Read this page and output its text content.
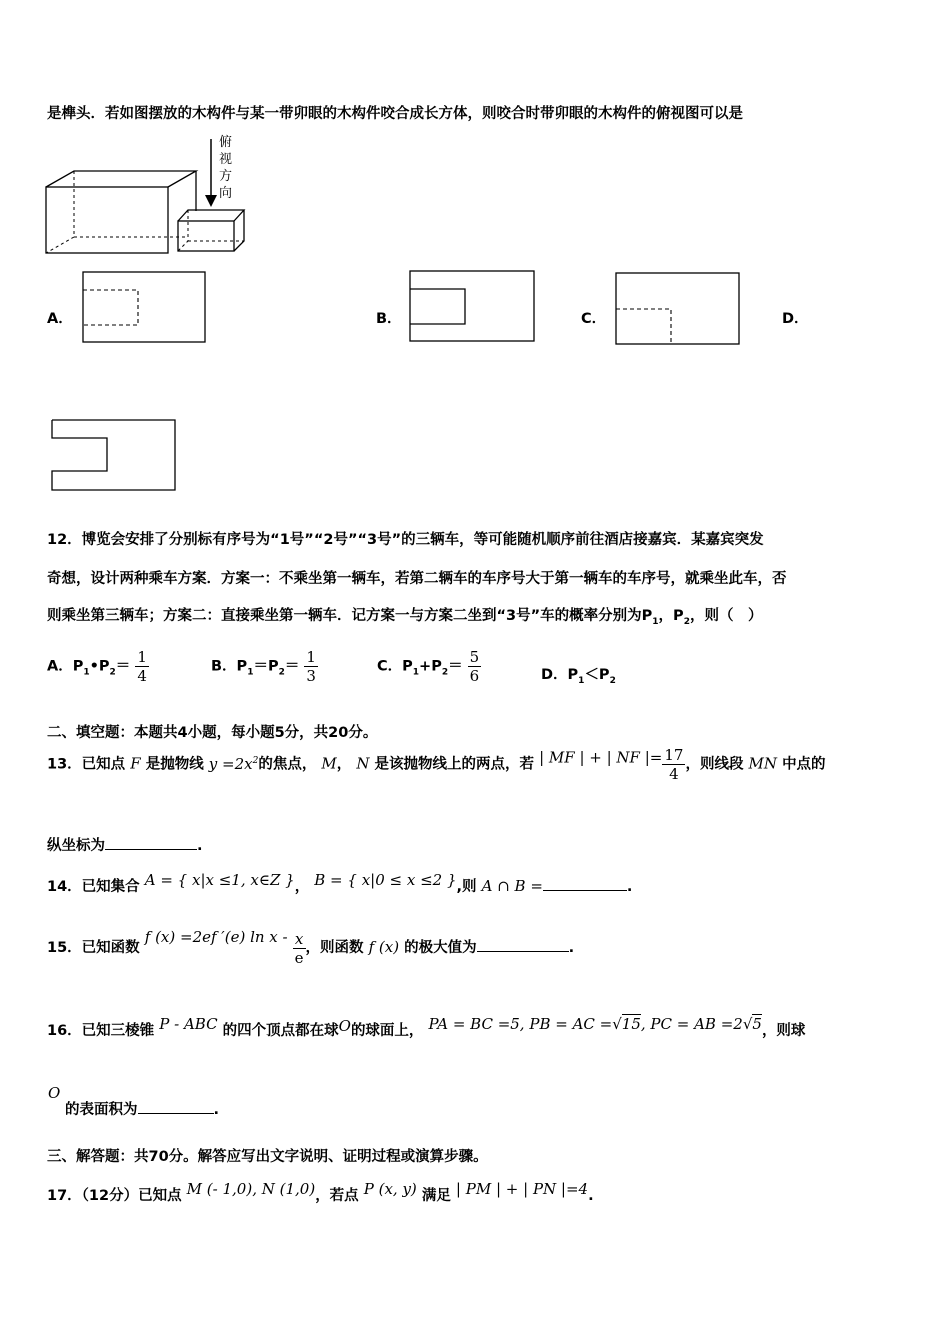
是榫头．若如图摆放的木构件与某一带卯眼的木构件咬合成长方体，则咬合时带卯眼的木构件的俯视图可以是
俯
视
方
向
A．	B．	C．	D．
12．博览会安排了分别标有序号为“1号”“2号”“3号”的三辆车，等可能随机顺序前往酒店接嘉宾．某嘉宾突发
奇想，设计两种乘车方案．方案一：不乘坐第一辆车，若第二辆车的车序号大于第一辆车的车序号，就乘坐此车，否
则乘坐第三辆车；方案二：直接乘坐第一辆车．记方案一与方案二坐到“3号”车的概率分别为$P_1$，$P_2$，则（　）
A．$P_1•P_2= \frac{1}{4}$	B．$P_1=P_2= \frac{1}{3}$	C．$P_1+P_2= \frac{5}{6}$	D．$P_1<P_2$
二、填空题：本题共4小题，每小题5分，共20分。
13．已知点 F 是抛物线 $y =2x^2$的焦点， M， N 是该抛物线上的两点，若 | MF | + | NF |= $\frac{17}{4}$ ，则线段 MN 中点的
纵坐标为	.
14．已知集合 A = { x|x ≤1, x∈Z }， B = { x|0 ≤ x ≤2 },则 A ∩ B =	.
15．已知函数 f (x) =2ef ′(e) ln x - $\frac{x}{e}$ ，则函数 f (x) 的极大值为	.
16．已知三棱锥 P - ABC 的四个顶点都在球O的球面上， PA = BC =5, PB = AC =√15, PC = AB =2√5，则球
O
的表面积为	.
三、解答题：共70分。解答应写出文字说明、证明过程或演算步骤。
17．（12分）已知点 M (- 1,0), N (1,0)，若点 P (x, y) 满足 | PM | + | PN |=4.
